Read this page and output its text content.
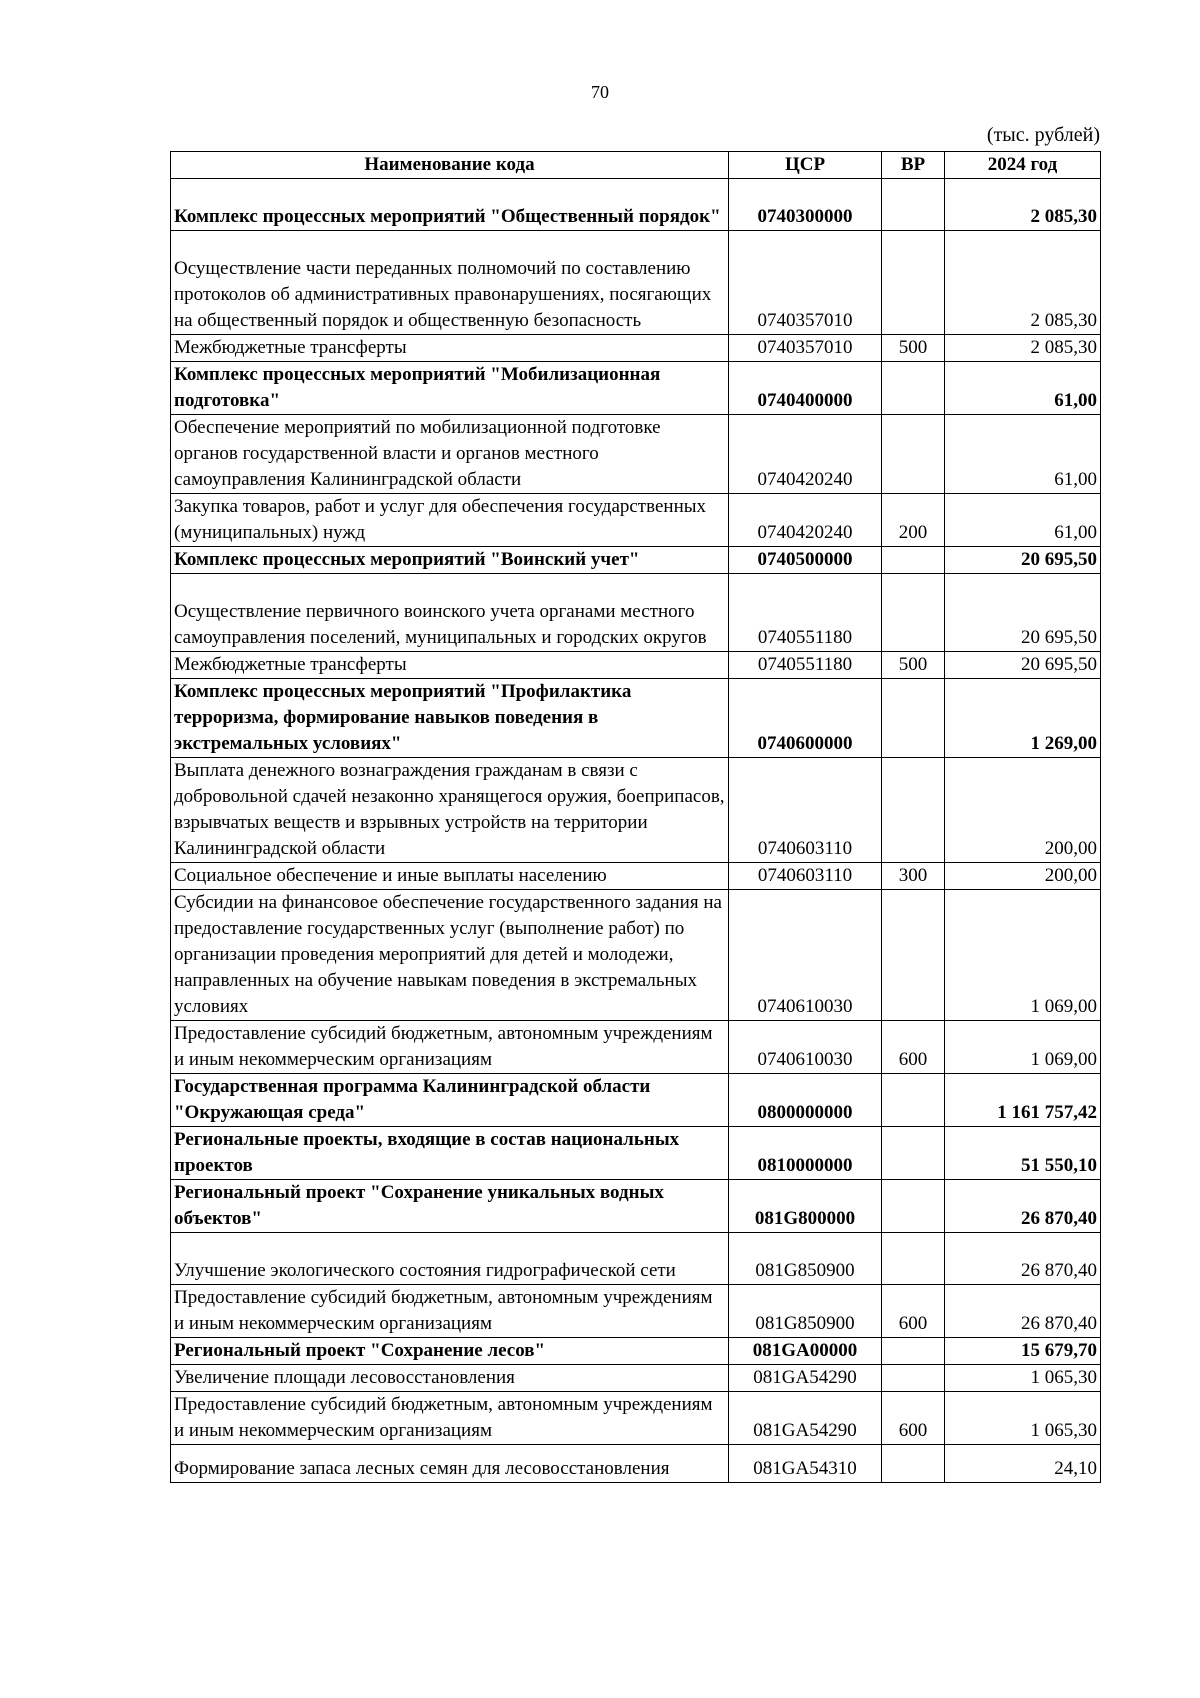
70
(тыс. рублей)
Наименование кода	ЦСР	ВР	2024 год
Комплекс процессных мероприятий "Общественный порядок"	0740300000		2 085,30
Осуществление части переданных полномочий по составлению протоколов об административных правонарушениях, посягающих на общественный порядок и общественную безопасность	0740357010		2 085,30
Межбюджетные трансферты	0740357010	500	2 085,30
Комплекс процессных мероприятий "Мобилизационная подготовка"	0740400000		61,00
Обеспечение мероприятий по мобилизационной подготовке органов государственной власти и органов местного самоуправления Калининградской области	0740420240		61,00
Закупка товаров, работ и услуг для обеспечения государственных (муниципальных) нужд	0740420240	200	61,00
Комплекс процессных мероприятий "Воинский учет"	0740500000		20 695,50
Осуществление первичного воинского учета органами местного самоуправления поселений, муниципальных и городских округов	0740551180		20 695,50
Межбюджетные трансферты	0740551180	500	20 695,50
Комплекс процессных мероприятий "Профилактика терроризма, формирование навыков поведения в экстремальных условиях"	0740600000		1 269,00
Выплата денежного вознаграждения гражданам в связи с добровольной сдачей незаконно хранящегося оружия, боеприпасов, взрывчатых веществ и взрывных устройств на территории Калининградской области	0740603110		200,00
Социальное обеспечение и иные выплаты населению	0740603110	300	200,00
Субсидии на финансовое обеспечение государственного задания на предоставление государственных услуг (выполнение работ) по организации проведения мероприятий для детей и молодежи, направленных на обучение навыкам поведения в экстремальных условиях	0740610030		1 069,00
Предоставление субсидий бюджетным, автономным учреждениям и иным некоммерческим организациям	0740610030	600	1 069,00
Государственная программа Калининградской области "Окружающая среда"	0800000000		1 161 757,42
Региональные проекты, входящие в состав национальных проектов	0810000000		51 550,10
Региональный проект "Сохранение уникальных водных объектов"	081G800000		26 870,40
Улучшение экологического состояния гидрографической сети	081G850900		26 870,40
Предоставление субсидий бюджетным, автономным учреждениям и иным некоммерческим организациям	081G850900	600	26 870,40
Региональный проект "Сохранение лесов"	081GA00000		15 679,70
Увеличение площади лесовосстановления	081GA54290		1 065,30
Предоставление субсидий бюджетным, автономным учреждениям и иным некоммерческим организациям	081GA54290	600	1 065,30
Формирование запаса лесных семян для лесовосстановления	081GA54310		24,10
